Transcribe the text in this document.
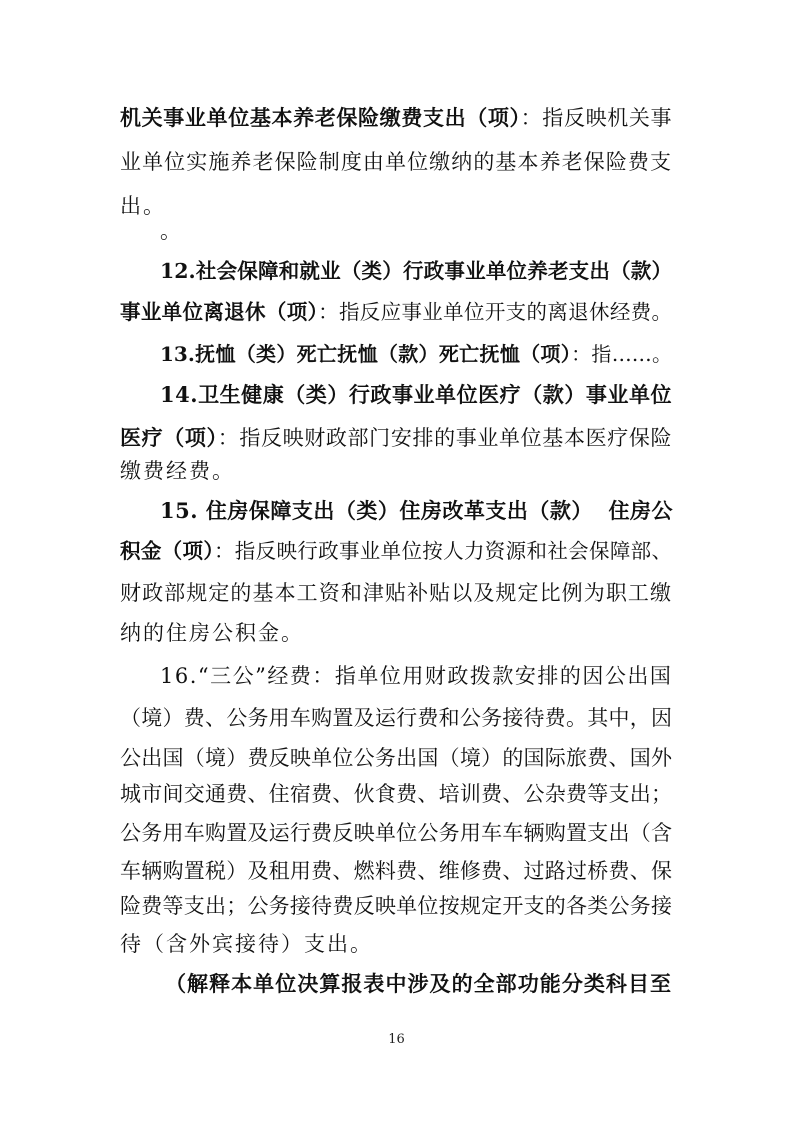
机关事业单位基本养老保险缴费支出（项）：指反映机关事
业单位实施养老保险制度由单位缴纳的基本养老保险费支
出。
。
12.社会保障和就业（类）行政事业单位养老支出（款）
事业单位离退休（项）：指反应事业单位开支的离退休经费。
13.抚恤（类）死亡抚恤（款）死亡抚恤（项）：指……。
14.卫生健康（类）行政事业单位医疗（款）事业单位
医疗（项）：指反映财政部门安排的事业单位基本医疗保险
缴费经费。
15. 住房保障支出（类）住房改革支出（款）  住房公
积金（项）：指反映行政事业单位按人力资源和社会保障部、
财政部规定的基本工资和津贴补贴以及规定比例为职工缴
纳的住房公积金。
16.“三公”经费：指单位用财政拨款安排的因公出国
（境）费、公务用车购置及运行费和公务接待费。其中，因
公出国（境）费反映单位公务出国（境）的国际旅费、国外
城市间交通费、住宿费、伙食费、培训费、公杂费等支出；
公务用车购置及运行费反映单位公务用车车辆购置支出（含
车辆购置税）及租用费、燃料费、维修费、过路过桥费、保
险费等支出；公务接待费反映单位按规定开支的各类公务接
待（含外宾接待）支出。
（解释本单位决算报表中涉及的全部功能分类科目至
16
